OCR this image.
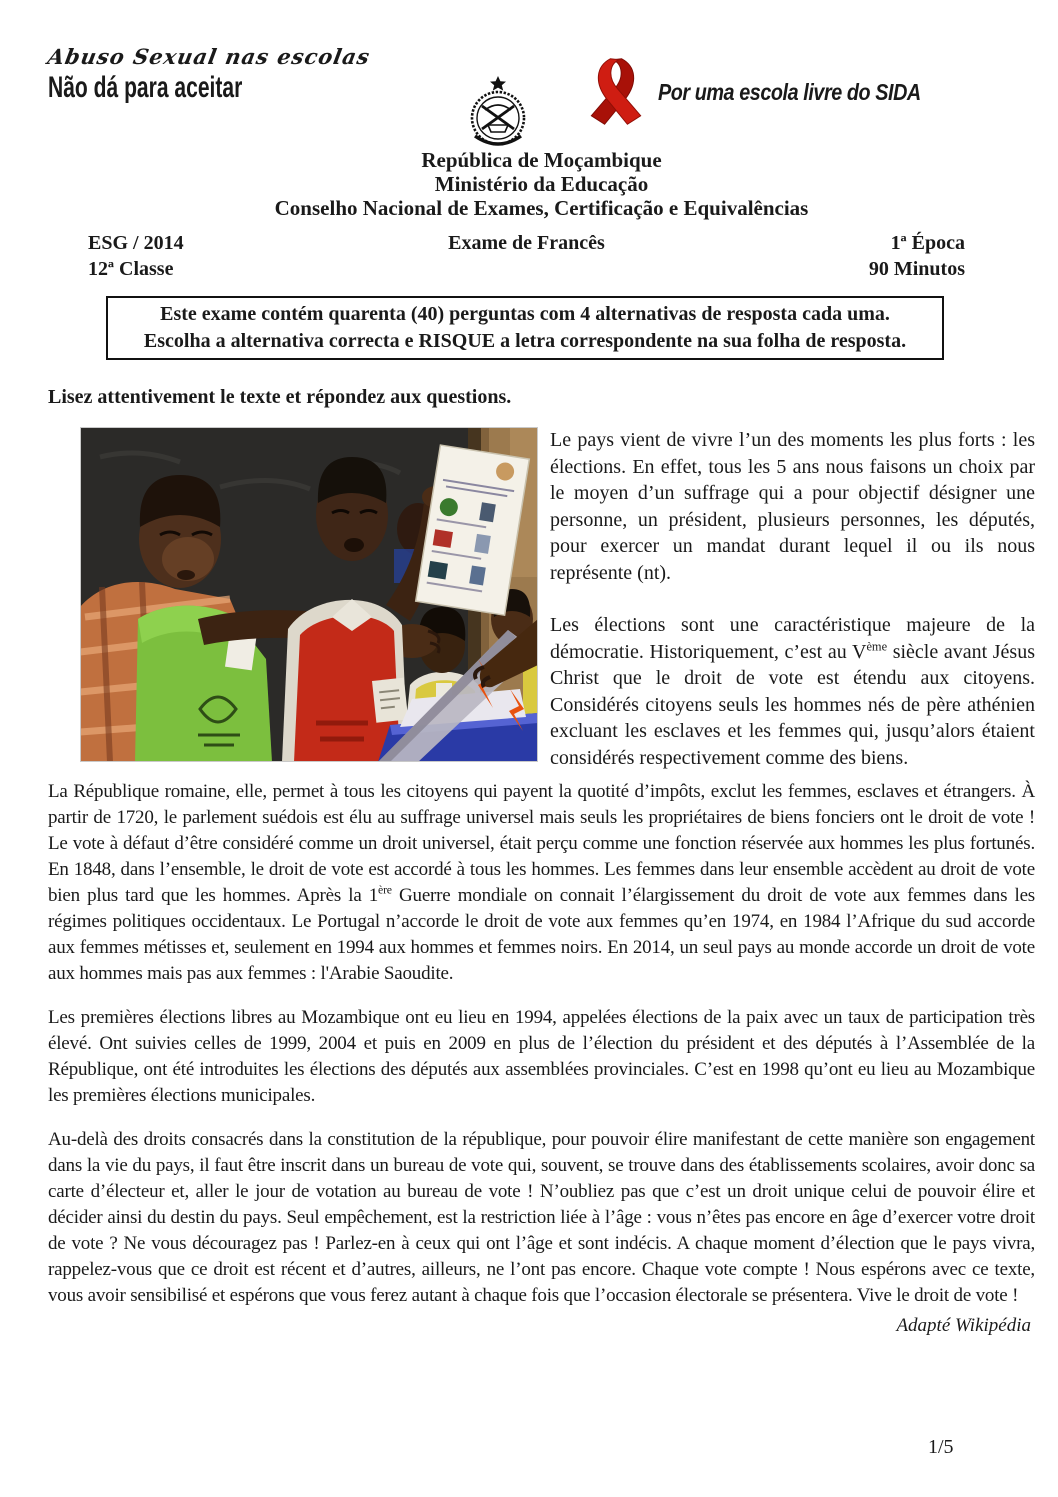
Abuso Sexual nas escolas
Não dá para aceitar	Por uma escola livre do SIDA
República de Moçambique
Ministério da Educação
Conselho Nacional de Exames, Certificação e Equivalências
ESG / 2014
12ª Classe
Exame de Francês	1ª Época
90 Minutos
Este exame contém quarenta (40) perguntas com 4 alternativas de resposta cada uma.
Escolha a alternativa correcta e RISQUE a letra correspondente na sua folha de resposta.
Lisez attentivement le texte et répondez aux questions.

Le pays vient de vivre l’un des moments les plus forts : les élections. En effet, tous les 5 ans nous faisons un choix par le moyen d’un suffrage qui a pour objectif désigner une personne, un président, plusieurs personnes, les députés, pour exercer un mandat durant lequel il ou ils nous représente (nt).

Les élections sont une caractéristique majeure de la démocratie. Historiquement, c’est au Vème siècle avant Jésus Christ que le droit de vote est étendu aux citoyens. Considérés citoyens seuls les hommes nés de père athénien excluant les esclaves et les femmes qui, jusqu’alors étaient considérés respectivement comme des biens.

La République romaine, elle, permet à tous les citoyens qui payent la quotité d’impôts, exclut les femmes, esclaves et étrangers. À partir de 1720, le parlement suédois est élu au suffrage universel mais seuls les propriétaires de biens fonciers ont le droit de vote ! Le vote à défaut d’être considéré comme un droit universel, était perçu comme une fonction réservée aux hommes les plus fortunés. En 1848, dans l’ensemble, le droit de vote est accordé à tous les hommes. Les femmes dans leur ensemble accèdent au droit de vote bien plus tard que les hommes. Après la 1ère Guerre mondiale on connait l’élargissement du droit de vote aux femmes dans les régimes politiques occidentaux. Le Portugal n’accorde le droit de vote aux femmes qu’en 1974, en 1984 l’Afrique du sud accorde aux femmes métisses et, seulement en 1994 aux hommes et femmes noirs. En 2014, un seul pays au monde accorde un droit de vote aux hommes mais pas aux femmes : l'Arabie Saoudite.

Les premières élections libres au Mozambique ont eu lieu en 1994, appelées élections de la paix avec un taux de participation très élevé. Ont suivies celles de 1999, 2004 et puis en 2009 en plus de l’élection du président et des députés à l’Assemblée de la République, ont été introduites les élections des députés aux assemblées provinciales. C’est en 1998 qu’ont eu lieu au Mozambique les premières élections municipales.

Au-delà des droits consacrés dans la constitution de la république, pour pouvoir élire manifestant de cette manière son engagement dans la vie du pays, il faut être inscrit dans un bureau de vote qui, souvent, se trouve dans des établissements scolaires, avoir donc sa carte d’électeur et, aller le jour de votation au bureau de vote ! N’oubliez pas que c’est un droit unique celui de pouvoir élire et décider ainsi du destin du pays. Seul empêchement, est la restriction liée à l’âge : vous n’êtes pas encore en âge d’exercer votre droit de vote ? Ne vous découragez pas ! Parlez-en à ceux qui ont l’âge et sont indécis. A chaque moment d’élection que le pays vivra, rappelez-vous que ce droit est récent et d’autres, ailleurs, ne l’ont pas encore. Chaque vote compte ! Nous espérons avec ce texte, vous avoir sensibilisé et espérons que vous ferez autant à chaque fois que l’occasion électorale se présentera. Vive le droit de vote !

Adapté Wikipédia
1/5
